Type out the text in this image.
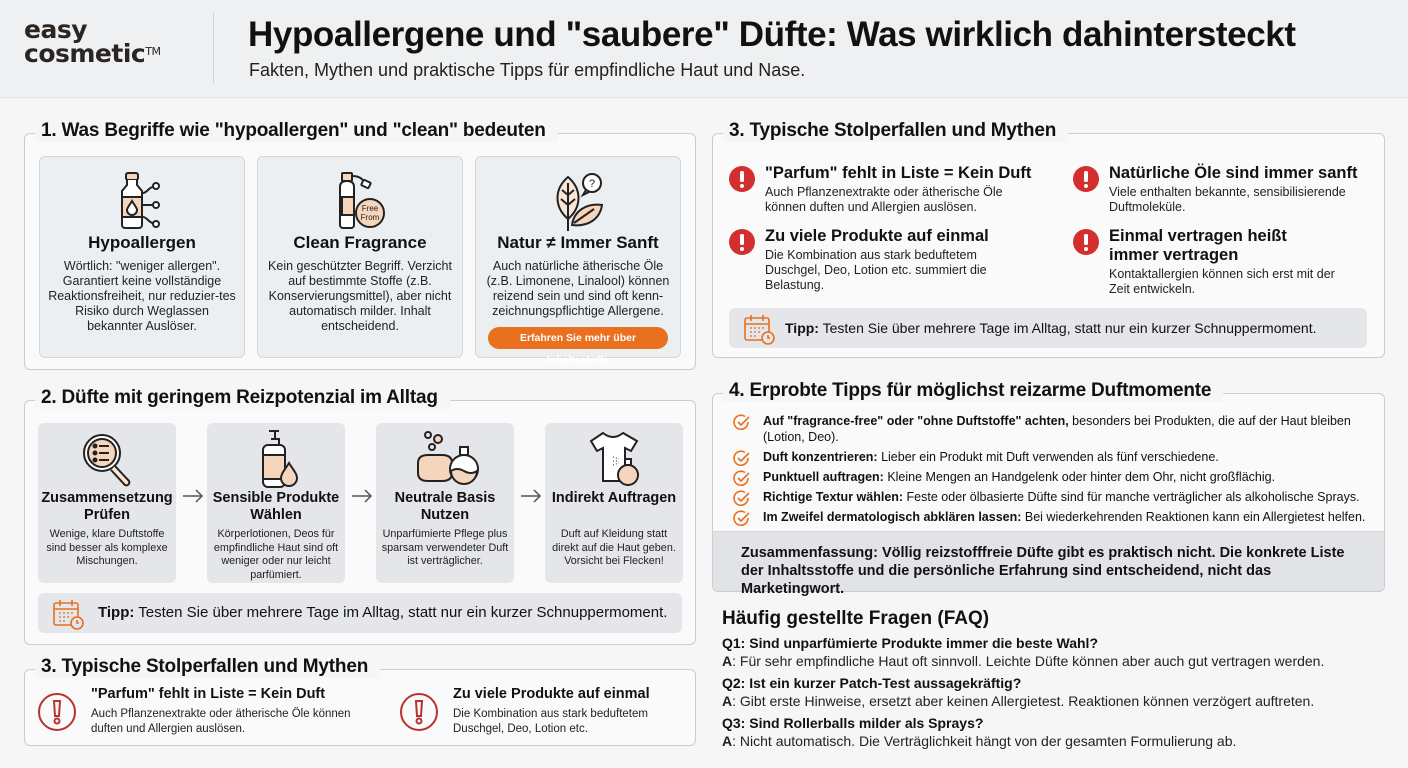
easy
cosmetic™	Hypoallergene und "saubere" Düfte: Was wirklich dahintersteckt
Fakten, Mythen und praktische Tipps für empfindliche Haut und Nase.
1. Was Begriffe wie "hypoallergen" und "clean" bedeuten
Hypoallergen
Wörtlich: "weniger allergen". Garantiert keine vollständige Reaktionsfreiheit, nur reduzier-tes Risiko durch Weglassen bekannter Auslöser.
Free
From
Clean Fragrance
Kein geschützter Begriff. Verzicht auf bestimmte Stoffe (z.B. Konservierungsmittel), aber nicht automatisch milder. Inhalt entscheidend.
?
Natur ≠ Immer Sanft
Auch natürliche ätherische Öle (z.B. Limonene, Linalool) können reizend sein und sind oft kenn-zeichnungspflichtige Allergene.
Erfahren Sie mehr über Inhaltsstoffe
2. Düfte mit geringem Reizpotenzial im Alltag
Zusammensetzung Prüfen
Wenige, klare Duftstoffe sind besser als komplexe Mischungen.
Sensible Produkte Wählen
Körperlotionen, Deos für empfindliche Haut sind oft weniger oder nur leicht parfümiert.
Neutrale Basis Nutzen
Unparfümierte Pflege plus sparsam verwendeter Duft ist verträglicher.
Indirekt Auftragen
Duft auf Kleidung statt direkt auf die Haut geben. Vorsicht bei Flecken!
Tipp: Testen Sie über mehrere Tage im Alltag, statt nur ein kurzer Schnuppermoment.
3. Typische Stolperfallen und Mythen
"Parfum" fehlt in Liste = Kein Duft
Auch Pflanzenextrakte oder ätherische Öle können duften und Allergien auslösen.
Zu viele Produkte auf einmal
Die Kombination aus stark beduftetem Duschgel, Deo, Lotion etc.
3. Typische Stolperfallen und Mythen
"Parfum" fehlt in Liste = Kein Duft
Auch Pflanzenextrakte oder ätherische Öle können duften und Allergien auslösen.
Natürliche Öle sind immer sanft
Viele enthalten bekannte, sensibilisierende Duftmoleküle.
Zu viele Produkte auf einmal
Die Kombination aus stark beduftetem Duschgel, Deo, Lotion etc. summiert die Belastung.
Einmal vertragen heißt immer vertragen
Kontaktallergien können sich erst mit der Zeit entwickeln.
Tipp: Testen Sie über mehrere Tage im Alltag, statt nur ein kurzer Schnuppermoment.
4. Erprobte Tipps für möglichst reizarme Duftmomente
Auf "fragrance-free" oder "ohne Duftstoffe" achten, besonders bei Produkten, die auf der Haut bleiben (Lotion, Deo).
Duft konzentrieren: Lieber ein Produkt mit Duft verwenden als fünf verschiedene.
Punktuell auftragen: Kleine Mengen an Handgelenk oder hinter dem Ohr, nicht großflächig.
Richtige Textur wählen: Feste oder ölbasierte Düfte sind für manche verträglicher als alkoholische Sprays.
Im Zweifel dermatologisch abklären lassen: Bei wiederkehrenden Reaktionen kann ein Allergietest helfen.
Zusammenfassung: Völlig reizstofffreie Düfte gibt es praktisch nicht. Die konkrete Liste der Inhaltsstoffe und die persönliche Erfahrung sind entscheidend, nicht das Marketingwort.
Häufig gestellte Fragen (FAQ)
Q1: Sind unparfümierte Produkte immer die beste Wahl?
A: Für sehr empfindliche Haut oft sinnvoll. Leichte Düfte können aber auch gut vertragen werden.
Q2: Ist ein kurzer Patch-Test aussagekräftig?
A: Gibt erste Hinweise, ersetzt aber keinen Allergietest. Reaktionen können verzögert auftreten.
Q3: Sind Rollerballs milder als Sprays?
A: Nicht automatisch. Die Verträglichkeit hängt von der gesamten Formulierung ab.
